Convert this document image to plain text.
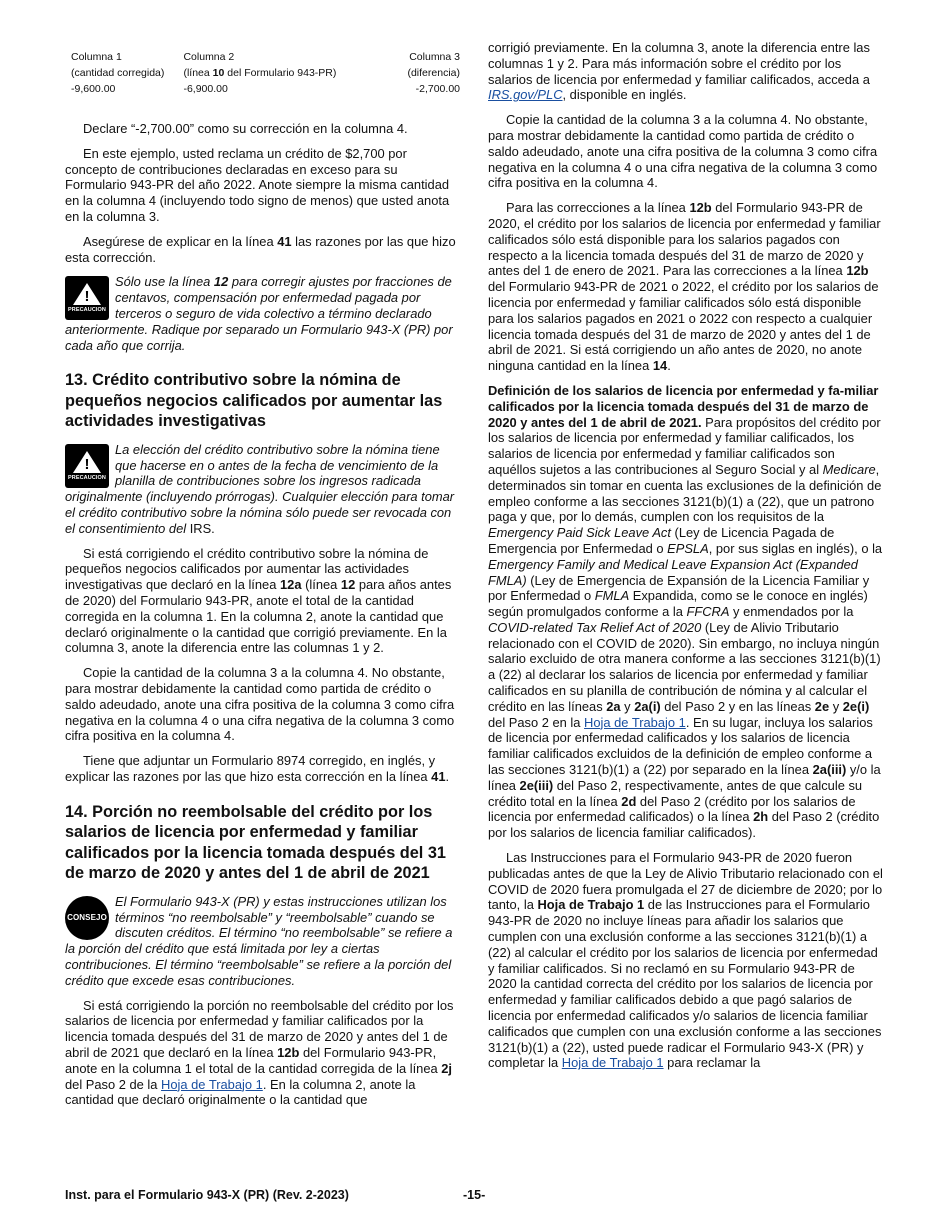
Columna 1
(cantidad corregida)
-9,600.00
Columna 2
(línea 10 del Formulario 943-PR)
-6,900.00
Columna 3
(diferencia)
-2,700.00

Declare “-2,700.00” como su corrección en la columna 4.

En este ejemplo, usted reclama un crédito de $2,700 por concepto de contribuciones declaradas en exceso para su Formulario 943-PR del año 2022. Anote siempre la misma cantidad en la columna 4 (incluyendo todo signo de menos) que usted anota en la columna 3.

Asegúrese de explicar en la línea 41 las razones por las que hizo esta corrección.

!
PRECAUCION

Sólo use la línea 12 para corregir ajustes por fracciones de centavos, compensación por enfermedad pagada por terceros o seguro de vida colectivo a término declarado anteriormente. Radique por separado un Formulario 943-X (PR) por cada año que corrija.

13. Crédito contributivo sobre la nómina de pequeños negocios calificados por aumentar las actividades investigativas
!
PRECAUCION

La elección del crédito contributivo sobre la nómina tiene que hacerse en o antes de la fecha de vencimiento de la planilla de contribuciones sobre los ingresos radicada originalmente (incluyendo prórrogas). Cualquier elección para tomar el crédito contributivo sobre la nómina sólo puede ser revocada con el consentimiento del IRS.

Si está corrigiendo el crédito contributivo sobre la nómina de pequeños negocios calificados por aumentar las actividades investigativas que declaró en la línea 12a (línea 12 para años antes de 2020) del Formulario 943-PR, anote el total de la cantidad corregida en la columna 1. En la columna 2, anote la cantidad que declaró originalmente o la cantidad que corrigió previamente. En la columna 3, anote la diferencia entre las columnas 1 y 2.

Copie la cantidad de la columna 3 a la columna 4. No obstante, para mostrar debidamente la cantidad como partida de crédito o saldo adeudado, anote una cifra positiva de la columna 3 como cifra negativa en la columna 4 o una cifra negativa de la columna 3 como cifra positiva en la columna 4.

Tiene que adjuntar un Formulario 8974 corregido, en inglés, y explicar las razones por las que hizo esta corrección en la línea 41.

14. Porción no reembolsable del crédito por los salarios de licencia por enfermedad y familiar calificados por la licencia tomada después del 31 de marzo de 2020 y antes del 1 de abril de 2021
CONSEJO

El Formulario 943-X (PR) y estas instrucciones utilizan los términos “no reembolsable” y “reembolsable” cuando se discuten créditos. El término “no reembolsable” se refiere a la porción del crédito que está limitada por ley a ciertas contribuciones. El término “reembolsable” se refiere a la porción del crédito que excede esas contribuciones.

Si está corrigiendo la porción no reembolsable del crédito por los salarios de licencia por enfermedad y familiar calificados por la licencia tomada después del 31 de marzo de 2020 y antes del 1 de abril de 2021 que declaró en la línea 12b del Formulario 943-PR, anote en la columna 1 el total de la cantidad corregida de la línea 2j del Paso 2 de la Hoja de Trabajo 1. En la columna 2, anote la cantidad que declaró originalmente o la cantidad que

corrigió previamente. En la columna 3, anote la diferencia entre las columnas 1 y 2. Para más información sobre el crédito por los salarios de licencia por enfermedad y familiar calificados, acceda a IRS.gov/PLC, disponible en inglés.

Copie la cantidad de la columna 3 a la columna 4. No obstante, para mostrar debidamente la cantidad como partida de crédito o saldo adeudado, anote una cifra positiva de la columna 3 como cifra negativa en la columna 4 o una cifra negativa de la columna 3 como cifra positiva en la columna 4.

Para las correcciones a la línea 12b del Formulario 943-PR de 2020, el crédito por los salarios de licencia por enfermedad y familiar calificados sólo está disponible para los salarios pagados con respecto a la licencia tomada después del 31 de marzo de 2020 y antes del 1 de enero de 2021. Para las correcciones a la línea 12b del Formulario 943-PR de 2021 o 2022, el crédito por los salarios de licencia por enfermedad y familiar calificados sólo está disponible para los salarios pagados en 2021 o 2022 con respecto a cualquier licencia tomada después del 31 de marzo de 2020 y antes del 1 de abril de 2021. Si está corrigiendo un año antes de 2020, no anote ninguna cantidad en la línea 14.

Definición de los salarios de licencia por enfermedad y fa-miliar calificados por la licencia tomada después del 31 de marzo de 2020 y antes del 1 de abril de 2021. Para propósitos del crédito por los salarios de licencia por enfermedad y familiar calificados, los salarios de licencia por enfermedad y familiar calificados son aquéllos sujetos a las contribuciones al Seguro Social y al Medicare, determinados sin tomar en cuenta las exclusiones de la definición de empleo conforme a las secciones 3121(b)(1) a (22), que un patrono paga y que, por lo demás, cumplen con los requisitos de la Emergency Paid Sick Leave Act (Ley de Licencia Pagada de Emergencia por Enfermedad o EPSLA, por sus siglas en inglés), o la Emergency Family and Medical Leave Expansion Act (Expanded FMLA) (Ley de Emergencia de Expansión de la Licencia Familiar y por Enfermedad o FMLA Expandida, como se le conoce en inglés) según promulgados conforme a la FFCRA y enmendados por la COVID-related Tax Relief Act of 2020 (Ley de Alivio Tributario relacionado con el COVID de 2020). Sin embargo, no incluya ningún salario excluido de otra manera conforme a las secciones 3121(b)(1) a (22) al declarar los salarios de licencia por enfermedad y familiar calificados en su planilla de contribución de nómina y al calcular el crédito en las líneas 2a y 2a(i) del Paso 2 y en las líneas 2e y 2e(i) del Paso 2 en la Hoja de Trabajo 1. En su lugar, incluya los salarios de licencia por enfermedad calificados y los salarios de licencia familiar calificados excluidos de la definición de empleo conforme a las secciones 3121(b)(1) a (22) por separado en la línea 2a(iii) y/o la línea 2e(iii) del Paso 2, respectivamente, antes de que calcule su crédito total en la línea 2d del Paso 2 (crédito por los salarios de licencia por enfermedad calificados) o la línea 2h del Paso 2 (crédito por los salarios de licencia familiar calificados).

Las Instrucciones para el Formulario 943-PR de 2020 fueron publicadas antes de que la Ley de Alivio Tributario relacionado con el COVID de 2020 fuera promulgada el 27 de diciembre de 2020; por lo tanto, la Hoja de Trabajo 1 de las Instrucciones para el Formulario 943-PR de 2020 no incluye líneas para añadir los salarios que cumplen con una exclusión conforme a las secciones 3121(b)(1) a (22) al calcular el crédito por los salarios de licencia por enfermedad y familiar calificados. Si no reclamó en su Formulario 943-PR de 2020 la cantidad correcta del crédito por los salarios de licencia por enfermedad y familiar calificados debido a que pagó salarios de licencia por enfermedad calificados y/o salarios de licencia familiar calificados que cumplen con una exclusión conforme a las secciones 3121(b)(1) a (22), usted puede radicar el Formulario 943-X (PR) y completar la Hoja de Trabajo 1 para reclamar la

Inst. para el Formulario 943-X (PR) (Rev. 2-2023)	-15-
